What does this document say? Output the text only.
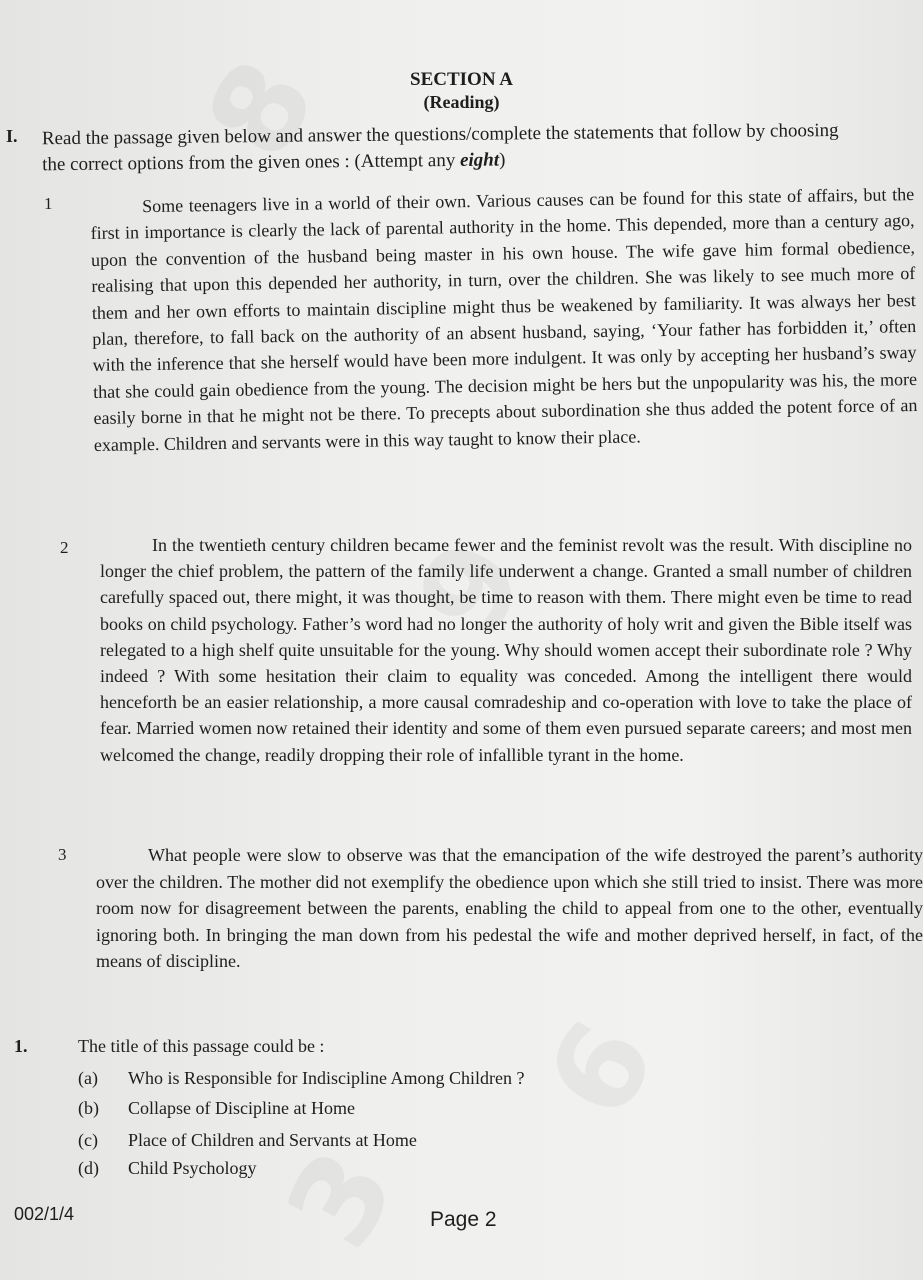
SECTION A
(Reading)
I. Read the passage given below and answer the questions/complete the statements that follow by choosing the correct options from the given ones : (Attempt any eight)
1	Some teenagers live in a world of their own. Various causes can be found for this state of affairs, but the first in importance is clearly the lack of parental authority in the home. This depended, more than a century ago, upon the convention of the husband being master in his own house. The wife gave him formal obedience, realising that upon this depended her authority, in turn, over the children. She was likely to see much more of them and her own efforts to maintain discipline might thus be weakened by familiarity. It was always her best plan, therefore, to fall back on the authority of an absent husband, saying, ‘Your father has forbidden it,’ often with the inference that she herself would have been more indulgent. It was only by accepting her husband’s sway that she could gain obedience from the young. The decision might be hers but the unpopularity was his, the more easily borne in that he might not be there. To precepts about subordination she thus added the potent force of an example. Children and servants were in this way taught to know their place.
2	In the twentieth century children became fewer and the feminist revolt was the result. With discipline no longer the chief problem, the pattern of the family life underwent a change. Granted a small number of children carefully spaced out, there might, it was thought, be time to reason with them. There might even be time to read books on child psychology. Father’s word had no longer the authority of holy writ and given the Bible itself was relegated to a high shelf quite unsuitable for the young. Why should women accept their subordinate role ? Why indeed ? With some hesitation their claim to equality was conceded. Among the intelligent there would henceforth be an easier relationship, a more causal comradeship and co-operation with love to take the place of fear. Married women now retained their identity and some of them even pursued separate careers; and most men welcomed the change, readily dropping their role of infallible tyrant in the home.
3	What people were slow to observe was that the emancipation of the wife destroyed the parent’s authority over the children. The mother did not exemplify the obedience upon which she still tried to insist. There was more room now for disagreement between the parents, enabling the child to appeal from one to the other, eventually ignoring both. In bringing the man down from his pedestal the wife and mother deprived herself, in fact, of the means of discipline.
1.	The title of this passage could be :
(a) Who is Responsible for Indiscipline Among Children ?
(b) Collapse of Discipline at Home
(c) Place of Children and Servants at Home
(d) Child Psychology
002/1/4	Page 2
